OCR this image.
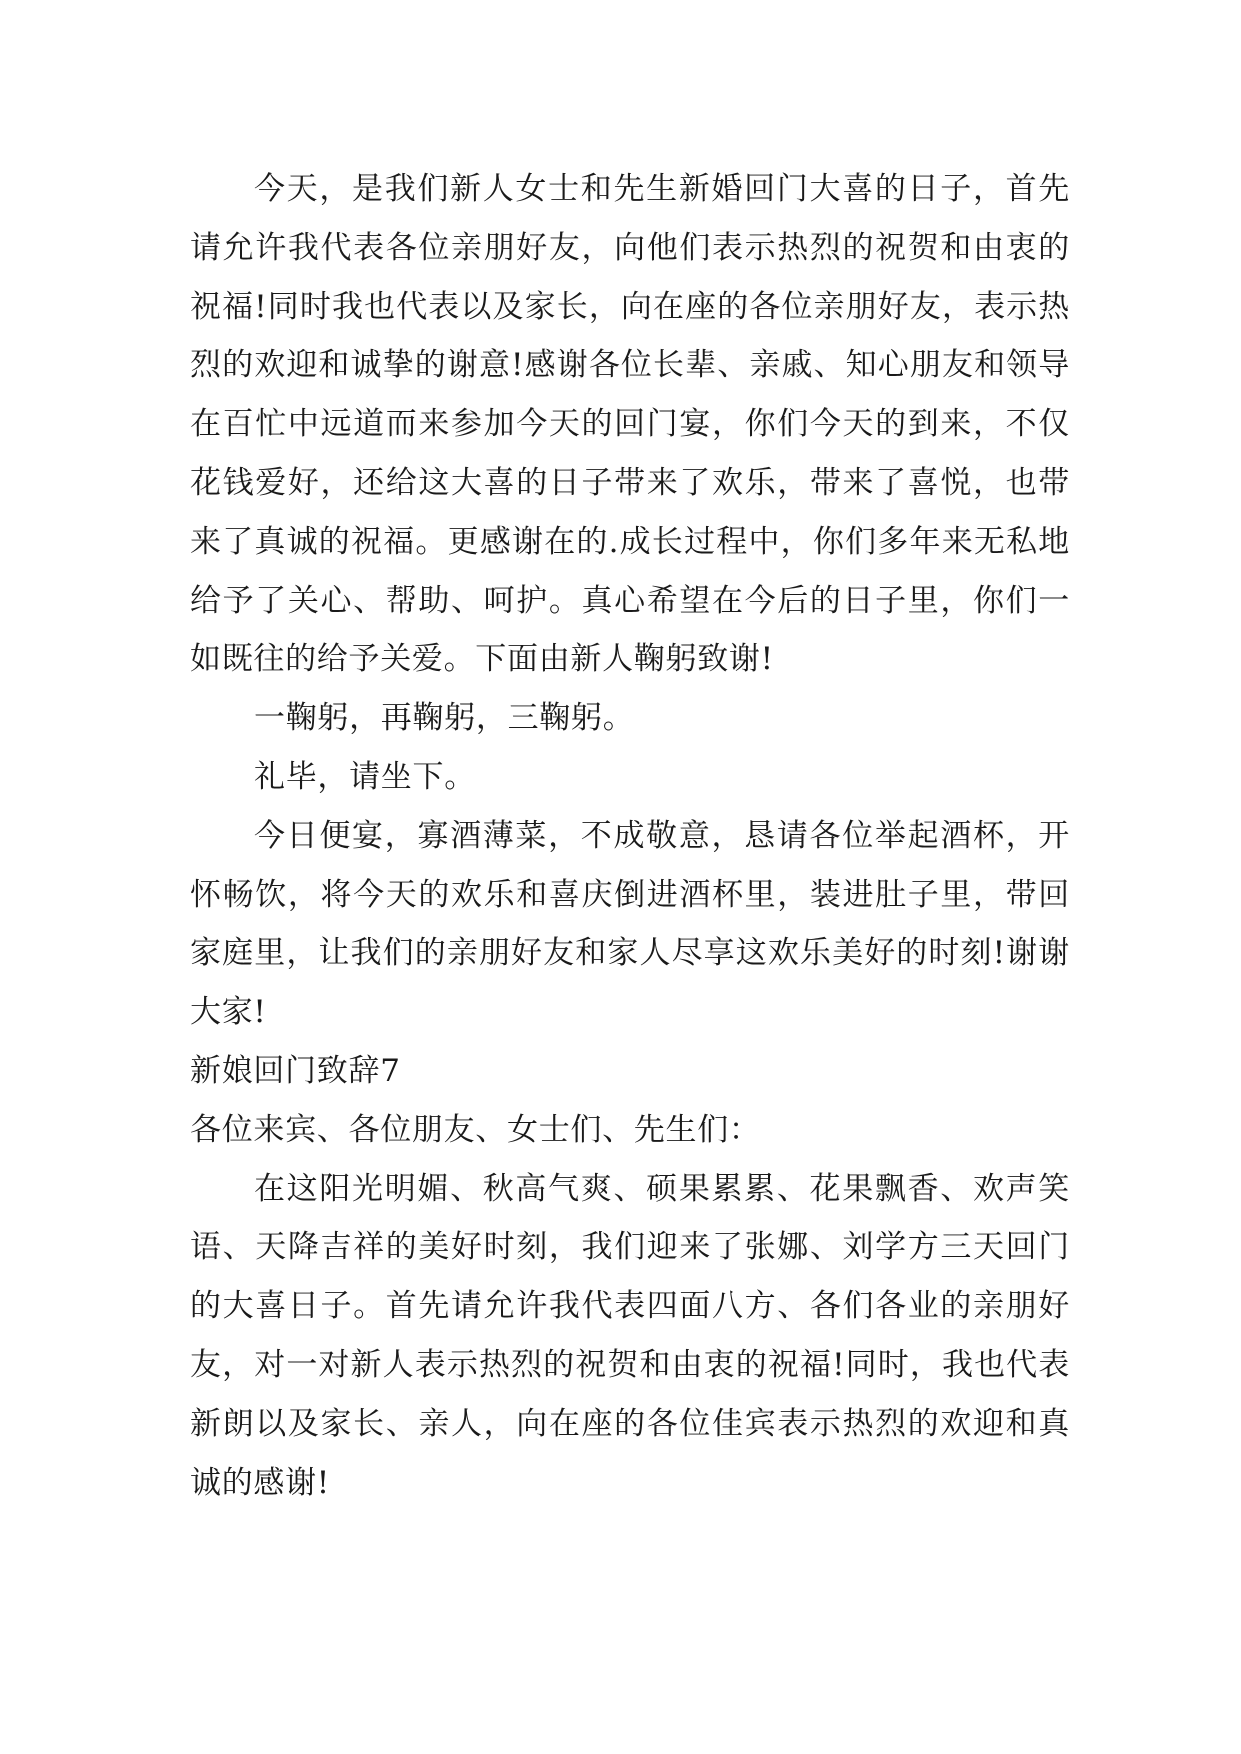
今天，是我们新人女士和先生新婚回门大喜的日子，首先请允许我代表各位亲朋好友，向他们表示热烈的祝贺和由衷的祝福!同时我也代表以及家长，向在座的各位亲朋好友，表示热烈的欢迎和诚挚的谢意!感谢各位长辈、亲戚、知心朋友和领导在百忙中远道而来参加今天的回门宴，你们今天的到来，不仅花钱爱好，还给这大喜的日子带来了欢乐，带来了喜悦，也带来了真诚的祝福。更感谢在的.成长过程中，你们多年来无私地给予了关心、帮助、呵护。真心希望在今后的日子里，你们一如既往的给予关爱。下面由新人鞠躬致谢!

一鞠躬，再鞠躬，三鞠躬。

礼毕，请坐下。

今日便宴，寡酒薄菜，不成敬意，恳请各位举起酒杯，开怀畅饮，将今天的欢乐和喜庆倒进酒杯里，装进肚子里，带回家庭里，让我们的亲朋好友和家人尽享这欢乐美好的时刻!谢谢大家!

新娘回门致辞7

各位来宾、各位朋友、女士们、先生们：

在这阳光明媚、秋高气爽、硕果累累、花果飘香、欢声笑语、天降吉祥的美好时刻，我们迎来了张娜、刘学方三天回门的大喜日子。首先请允许我代表四面八方、各们各业的亲朋好友，对一对新人表示热烈的祝贺和由衷的祝福!同时，我也代表新朗以及家长、亲人，向在座的各位佳宾表示热烈的欢迎和真诚的感谢!
